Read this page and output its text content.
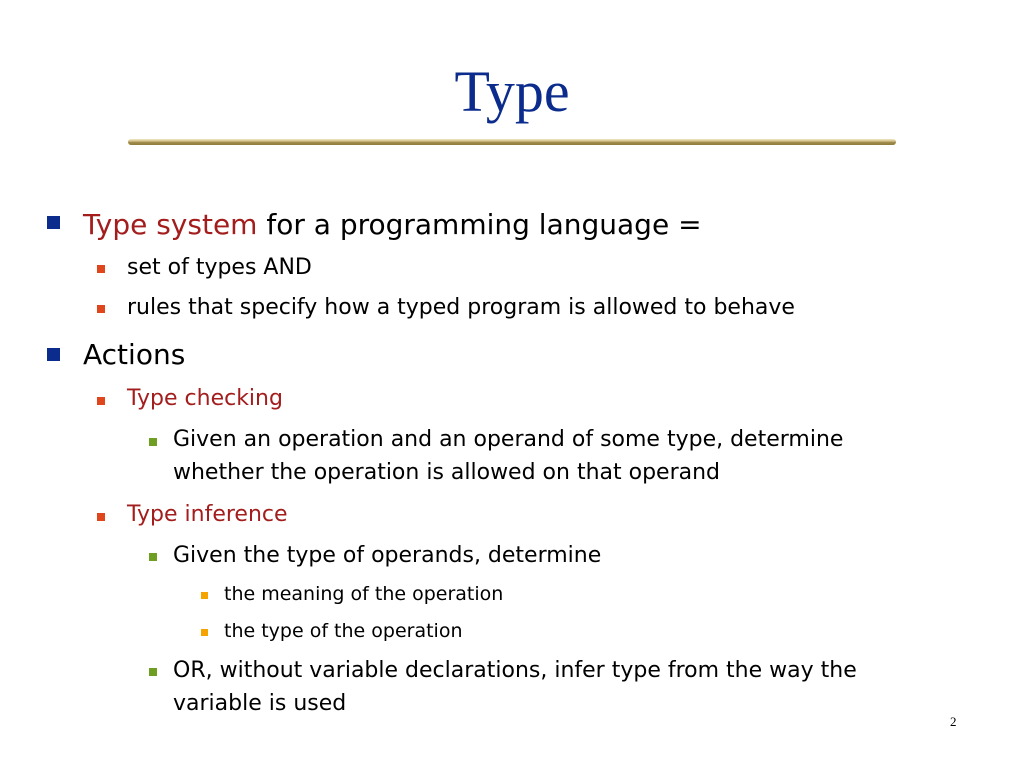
Type
Type system for a programming language =
set of types AND
rules that specify how a typed program is allowed to behave
Actions
Type checking
Given an operation and an operand of some type, determine
whether the operation is allowed on that operand
Type inference
Given the type of operands, determine
the meaning of the operation
the type of the operation
OR, without variable declarations, infer type from the way the
variable is used
2
